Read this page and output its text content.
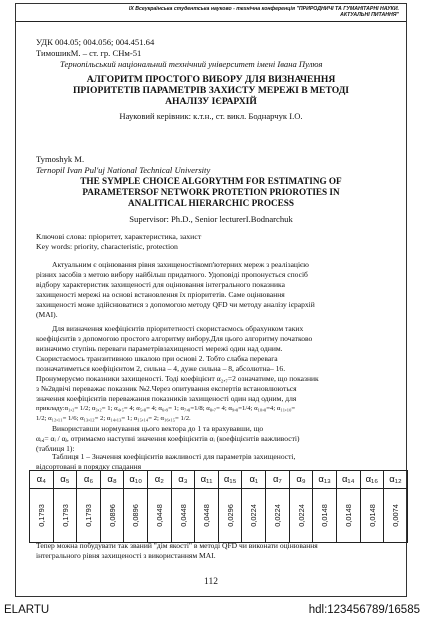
IX Всеукраїнська студентська науково - технічна конференція "ПРИРОДНИЧІ ТА ГУМАНІТАРНІ НАУКИ.
АКТУАЛЬНІ ПИТАННЯ"
УДК 004.05; 004.056; 004.451.64
ТимошикМ. – ст. гр. СНм-51
Тернопільський національний технічний університет імені Івана Пулюя
АЛГОРИТМ ПРОСТОГО ВИБОРУ ДЛЯ ВИЗНАЧЕННЯ
ПРІОРИТЕТІВ ПАРАМЕТРІВ ЗАХИСТУ МЕРЕЖІ В МЕТОДІ
АНАЛІЗУ ІЄРАРХІЙ
Науковий керівник: к.т.н., ст. викл. Боднарчук І.О.
Tymoshyk M.
Ternopil Ivan Pul'uj National Technical University
THE SYMPLE CHOICE ALGORYTHM FOR ESTIMATING OF
PARAMETERSOF NETWORK PROTETION PRIOROTIES IN
ANALITICAL HIERARCHIC PROCESS
Supervisor: Ph.D., Senior lecturerI.Bodnarchuk
Ключові слова: пріоритет, характеристика, захист
Key words: priority, characteristic, protection
Актуальним є оцінювання рівня захищеностікомп'ютерних мереж з реалізацією
різних засобів з метою вибору найбільш придатного. Удоповіді пропонується спосіб
відбору характеристик захищеності для оцінювання інтегрального показника
захищеності мережі на основі встановлення їх пріоритетів. Саме оцінювання
захищеності може здійснюватися з допомогою методу QFD чи методу аналізу ієрархій
(МАІ).
Для визначення коефіцієнтів пріоритетності скористаємось обрахунком таких
коефіцієнтів з допомогою простого алгоритму вибору.Для цього алгоритму початково
визначимо ступінь переваги параметрівзахищеності мережі один над одним.
Скористаємось транзитивною шкалою при основі 2. Тобто слабка перевага
позначатиметься коефіцієнтом 2, сильна – 4, дуже сильна – 8, абсолютна– 16.
Пронумеруємо показники захищеності. Тоді коефіцієнт α₂,₇=2 означатиме, що показник
з №2вдвічі переважає показник №2.Через опитування експертів встановлюються
значення коефіцієнтів переважання показників захищеності один над одним, для
прикладу:α₁,₂= 1/2; α₃,₂= 1; α₄,₅= 4; α₅,₈= 4; α₆,₉= 1; α₇,₈=1/8; α₈,₇= 4; α₉,₈=1/4; α₁₀,₈=4; α₁₁,₁₀=
1/2; α₁₂,₁₁= 1/6; α₁₃,₁₂= 2; α₁₄,₁₃= 1; α₁₅,₁₄= 2; α₁₆,₁₅= 1/2.
Використавши нормування цього вектора до 1 та врахувавши, що
αᵢ,ⱼ= αᵢ / αⱼ, отримаємо наступні значення коефіцієнтів αᵢ (коефіцієнтів важливості)
(таблиця 1):
Таблиця 1 – Значення коефіцієнтів важливості для параметрів захищеності,
відсортовані в порядку спадання
α₄	α₅	α₆	α₈	α₁₀	α₂	α₃	α₁₁	α₁₅	α₁	α₇	α₉	α₁₃	α₁₄	α₁₆	α₁₂
0,1793	0,1793	0,1793	0,0896	0,0896	0,0448	0,0448	0,0448	0,0296	0,0224	0,0224	0,0224	0,0148	0,0148	0,0148	0,0074
Тепер можна побудувати так званий "дім якості" в методі QFD чи виконати оцінювання
інтегрального рівня захищеності з використанням МАІ.
112
ELARTU	hdl:123456789/16585
